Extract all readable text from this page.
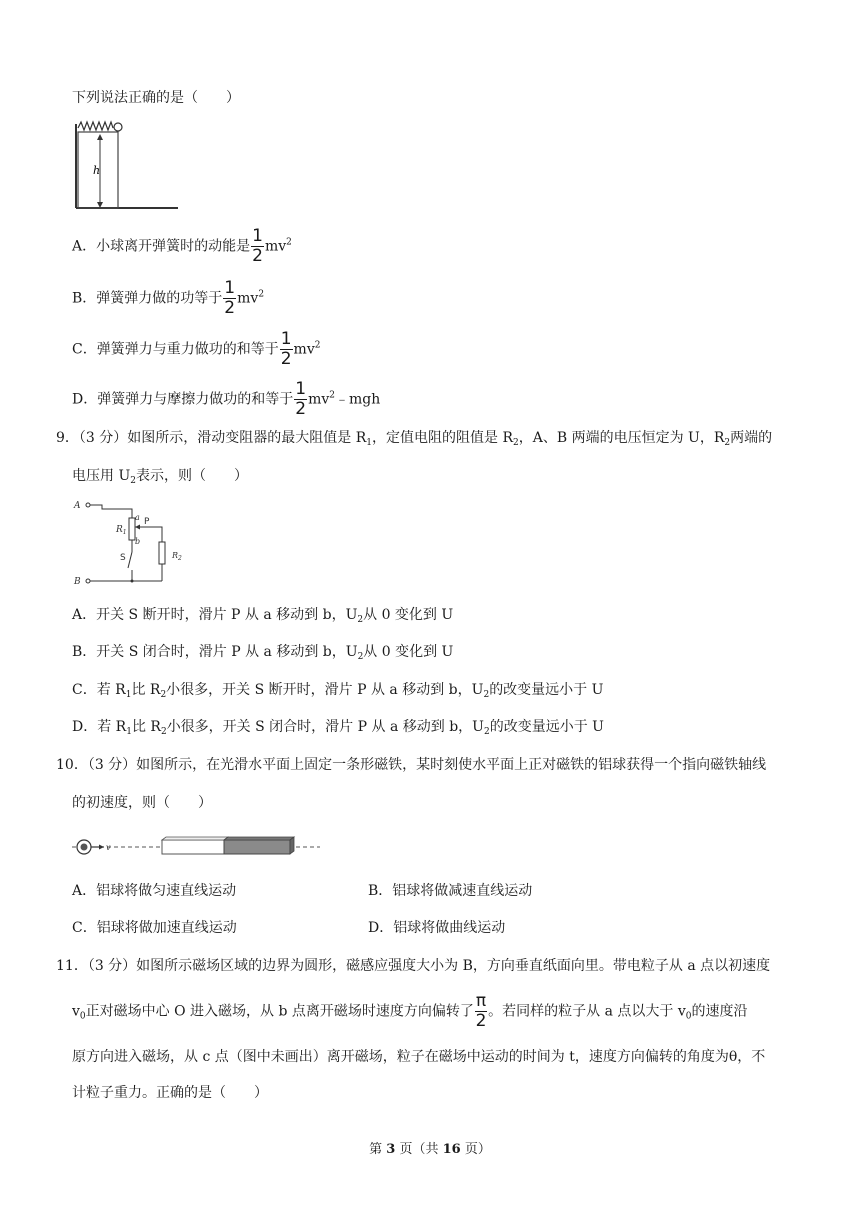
下列说法正确的是（　　）
h
A．小球离开弹簧时的动能是 $\frac{1}{2} mv^2$
B．弹簧弹力做的功等于 $\frac{1}{2} mv^2$
C．弹簧弹力与重力做功的和等于 $\frac{1}{2} mv^2$
D．弹簧弹力与摩擦力做功的和等于 $\frac{1}{2}$ $mv^2﹣mgh$
9．（3 分）如图所示，滑动变阻器的最大阻值是 $R_1$，定值电阻的阻值是 $R_2$，A、B 两端的电压恒定为 U，$R_2$两端的
电压用 $U_2$表示，则（　　）
A
B
$R_1$
a
b
$R_2$
P
S
A．开关 S 断开时，滑片 P 从 a 移动到 b，$U_2$从 0 变化到 U
B．开关 S 闭合时，滑片 P 从 a 移动到 b，$U_2$从 0 变化到 U
C．若 $R_1$比 $R_2$小很多，开关 S 断开时，滑片 P 从 a 移动到 b，$U_2$的改变量远小于 U
D．若 $R_1$比 $R_2$小很多，开关 S 闭合时，滑片 P 从 a 移动到 b，$U_2$的改变量远小于 U
10．（3 分）如图所示，在光滑水平面上固定一条形磁铁，某时刻使水平面上正对磁铁的铝球获得一个指向磁铁轴线
的初速度，则（　　）
v
A．铝球将做匀速直线运动	B．铝球将做减速直线运动
C．铝球将做加速直线运动	D．铝球将做曲线运动
11．（3 分）如图所示磁场区域的边界为圆形，磁感应强度大小为 B，方向垂直纸面向里。带电粒子从 a 点以初速度
$v_0$正对磁场中心 O 进入磁场，从 b 点离开磁场时速度方向偏转了 $\frac{\pi}{2}$ 。若同样的粒子从 a 点以大于 $v_0$的速度沿
原方向进入磁场，从 c 点（图中未画出）离开磁场，粒子在磁场中运动的时间为 t，速度方向偏转的角度为θ，不
计粒子重力。正确的是（　　）
第 3 页（共 16 页）
